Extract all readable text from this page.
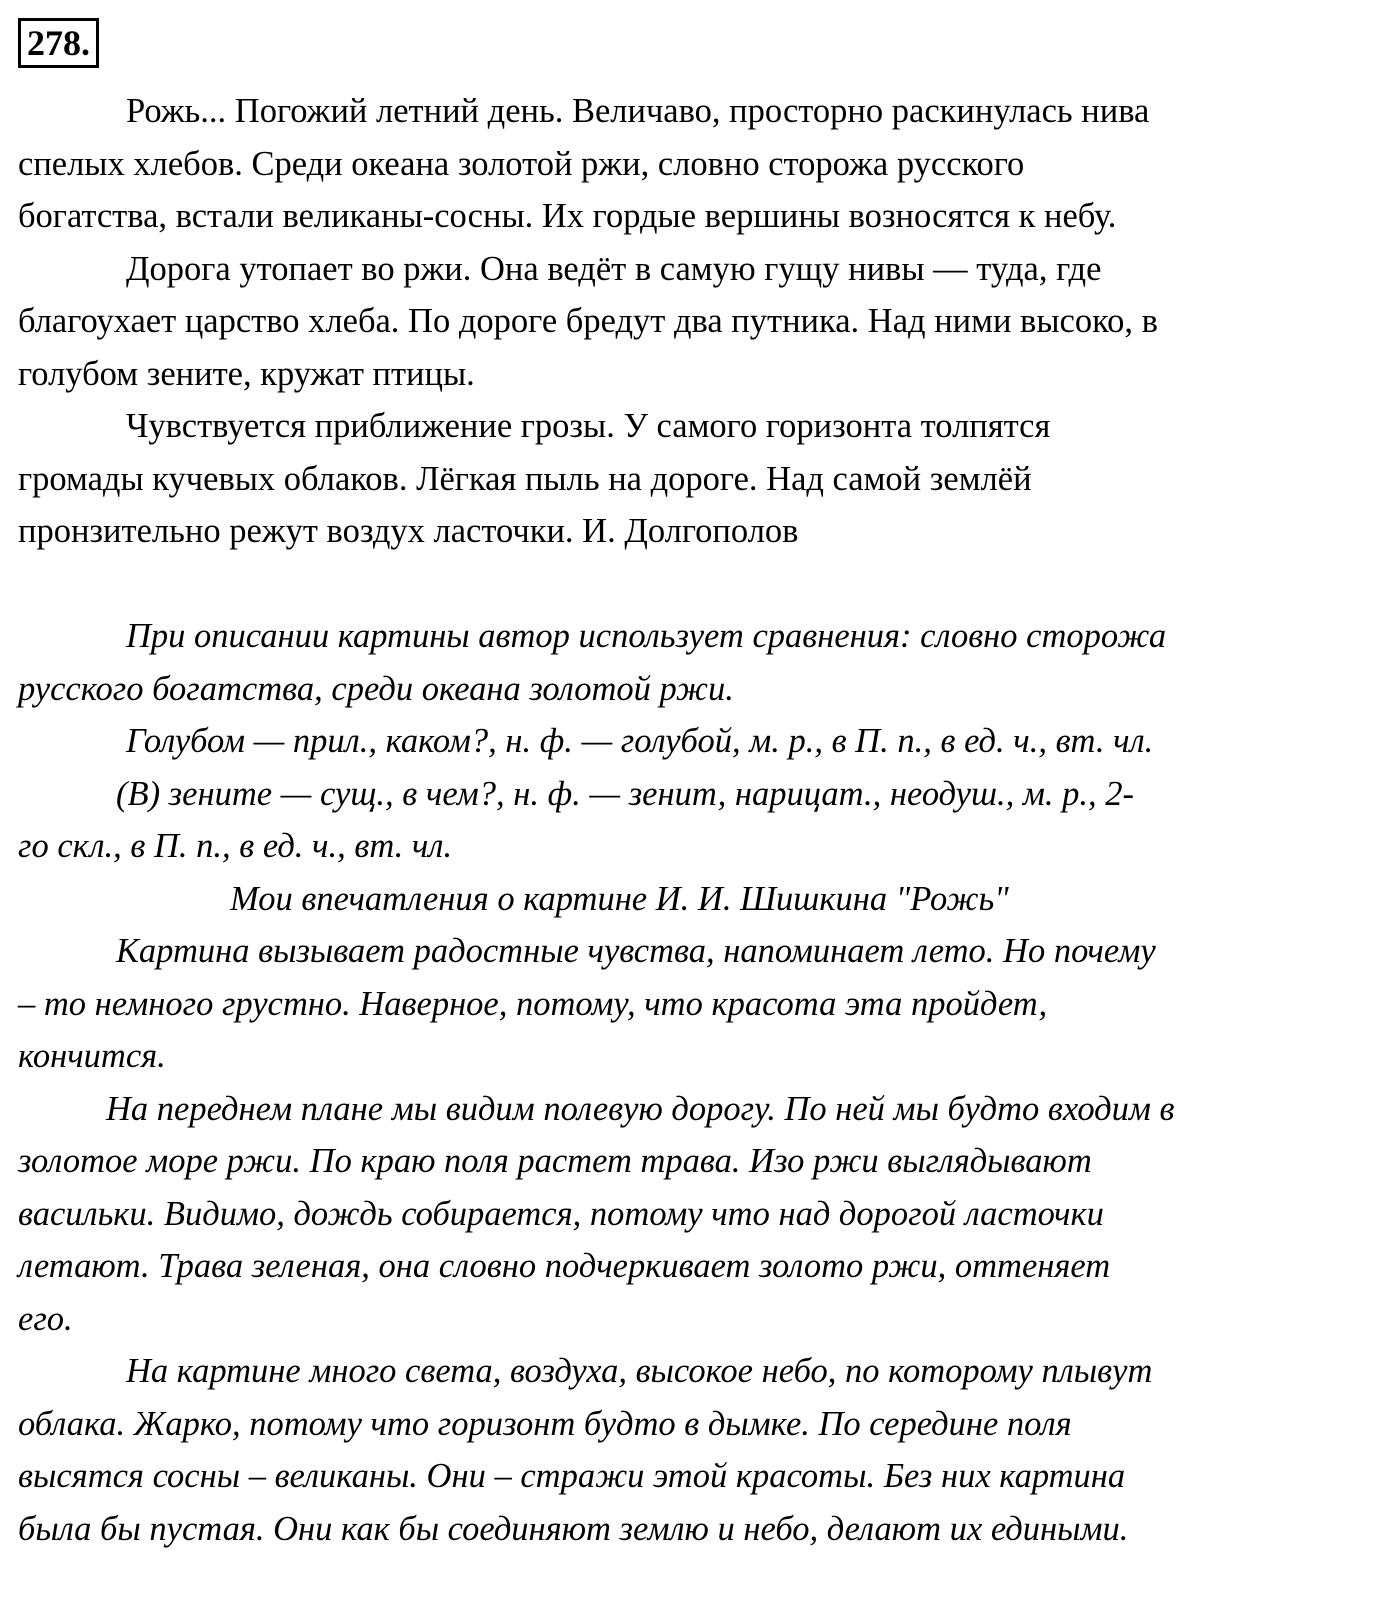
278.
Рожь... Погожий летний день. Величаво, просторно раскинулась нива
спелых хлебов. Среди океана золотой ржи, словно сторожа русского
богатства, встали великаны-сосны. Их гордые вершины возносятся к небу.
Дорога утопает во ржи. Она ведёт в самую гущу нивы — туда, где
благоухает царство хлеба. По дороге бредут два путника. Над ними высоко, в
голубом зените, кружат птицы.
Чувствуется приближение грозы. У самого горизонта толпятся
громады кучевых облаков. Лёгкая пыль на дороге. Над самой землёй
пронзительно режут воздух ласточки. И. Долгополов
При описании картины автор использует сравнения: словно сторожа
русского богатства, среди океана золотой ржи.
Голубом — прил., каком?, н. ф. — голубой, м. р., в П. п., в ед. ч., вт. чл.
(В) зените — сущ., в чем?, н. ф. — зенит, нарицат., неодуш., м. р., 2-
го скл., в П. п., в ед. ч., вт. чл.
Мои впечатления о картине И. И. Шишкина "Рожь"
Картина вызывает радостные чувства, напоминает лето. Но почему
– то немного грустно. Наверное, потому, что красота эта пройдет,
кончится.
На переднем плане мы видим полевую дорогу. По ней мы будто входим в
золотое море ржи. По краю поля растет трава. Изо ржи выглядывают
васильки. Видимо, дождь собирается, потому что над дорогой ласточки
летают. Трава зеленая, она словно подчеркивает золото ржи, оттеняет
его.
На картине много света, воздуха, высокое небо, по которому плывут
облака. Жарко, потому что горизонт будто в дымке. По середине поля
высятся сосны – великаны. Они – стражи этой красоты. Без них картина
была бы пустая. Они как бы соединяют землю и небо, делают их едиными.
